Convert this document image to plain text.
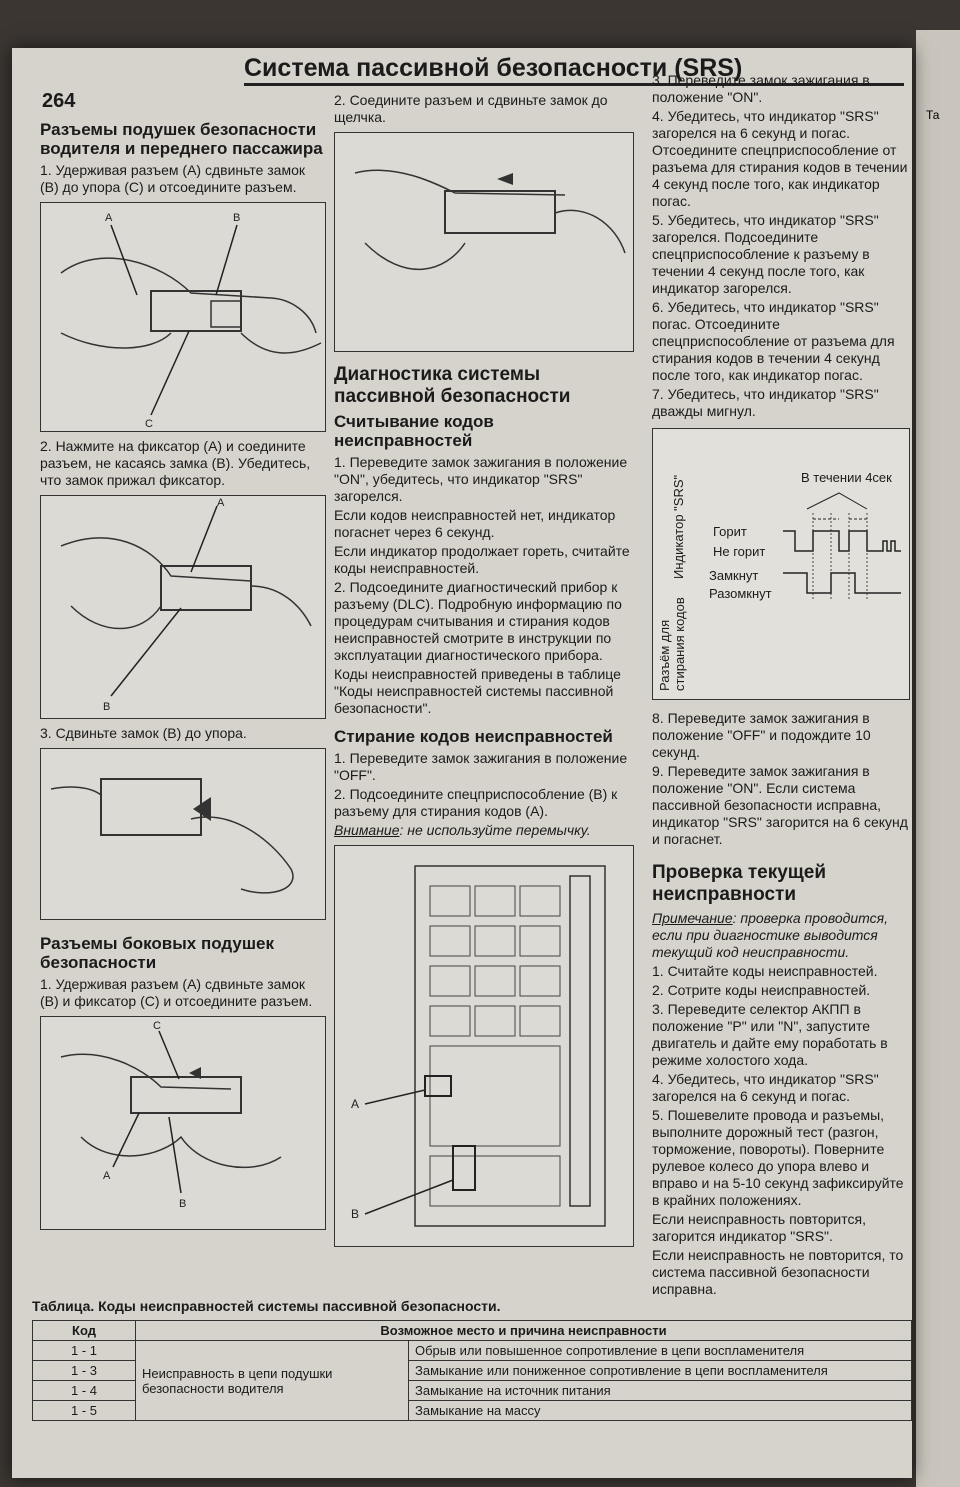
Та
Система пассивной безопасности (SRS)
264
Разъемы подушек безопасности водителя и переднего пассажира

1. Удерживая разъем (А) сдвиньте замок (В) до упора (С) и отсоедините разъем.

A	B
C

2. Нажмите на фиксатор (А) и соедините разъем, не касаясь замка (В). Убедитесь, что замок прижал фиксатор.

A
B

3. Сдвиньте замок (В) до упора.

Разъемы боковых подушек безопасности

1. Удерживая разъем (А) сдвиньте замок (В) и фиксатор (С) и отсоедините разъем.

C
A
B

2. Соедините разъем и сдвиньте замок до щелчка.

Диагностика системы пассивной безопасности
Считывание кодов неисправностей

1. Переведите замок зажигания в положение "ON", убедитесь, что индикатор "SRS" загорелся.

Если кодов неисправностей нет, индикатор погаснет через 6 секунд.

Если индикатор продолжает гореть, считайте коды неисправностей.

2. Подсоедините диагностический прибор к разъему (DLC). Подробную информацию по процедурам считывания и стирания кодов неисправностей смотрите в инструкции по эксплуатации диагностического прибора.

Коды неисправностей приведены в таблице "Коды неисправностей системы пассивной безопасности".

Стирание кодов неисправностей

1. Переведите замок зажигания в положение "OFF".

2. Подсоедините спецприспособление (В) к разъему для стирания кодов (А).

Внимание: не используйте перемычку.

A
B

3. Переведите замок зажигания в положение "ON".

4. Убедитесь, что индикатор "SRS" загорелся на 6 секунд и погас. Отсоедините спецприспособление от разъема для стирания кодов в течении 4 секунд после того, как индикатор погас.

5. Убедитесь, что индикатор "SRS" загорелся. Подсоедините спецприспособление к разъему в течении 4 секунд после того, как индикатор загорелся.

6. Убедитесь, что индикатор "SRS" погас. Отсоедините спецприспособление от разъема для стирания кодов в течении 4 секунд после того, как индикатор погас.

7. Убедитесь, что индикатор "SRS" дважды мигнул.

Индикатор "SRS"
Разъём для стирания кодов
В течении 4сек
Горит
Не горит
Замкнут
Разомкнут

8. Переведите замок зажигания в положение "OFF" и подождите 10 секунд.

9. Переведите замок зажигания в положение "ON". Если система пассивной безопасности исправна, индикатор "SRS" загорится на 6 секунд и погаснет.

Проверка текущей неисправности

Примечание: проверка проводится, если при диагностике выводится текущий код неисправности.

1. Считайте коды неисправностей.

2. Сотрите коды неисправностей.

3. Переведите селектор АКПП в положение "P" или "N", запустите двигатель и дайте ему поработать в режиме холостого хода.

4. Убедитесь, что индикатор "SRS" загорелся на 6 секунд и погас.

5. Пошевелите провода и разъемы, выполните дорожный тест (разгон, торможение, повороты). Поверните рулевое колесо до упора влево и вправо и на 5-10 секунд зафиксируйте в крайних положениях.

Если неисправность повторится, загорится индикатор "SRS".

Если неисправность не повторится, то система пассивной безопасности исправна.

Таблица. Коды неисправностей системы пассивной безопасности.
Код	Возможное место и причина неисправности	
1 - 1	Неисправность в цепи подушки безопасности водителя	Обрыв или повышенное сопротивление в цепи воспламенителя
1 - 3		Замыкание или пониженное сопротивление в цепи воспламенителя
1 - 4		Замыкание на источник питания
1 - 5		Замыкание на массу
